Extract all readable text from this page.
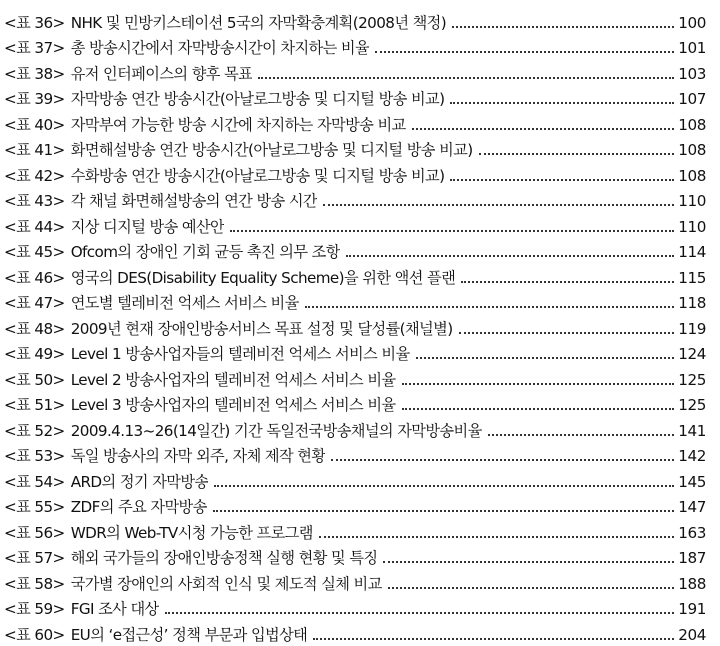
<표 36> NHK 및 민방키스테이션 5국의 자막확충계획(2008년 책정)	100
<표 37> 총 방송시간에서 자막방송시간이 차지하는 비율	101
<표 38> 유저 인터페이스의 향후 목표	103
<표 39> 자막방송 연간 방송시간(아날로그방송 및 디지털 방송 비교)	107
<표 40> 자막부여 가능한 방송 시간에 차지하는 자막방송 비교	108
<표 41> 화면해설방송 연간 방송시간(아날로그방송 및 디지털 방송 비교)	108
<표 42> 수화방송 연간 방송시간(아날로그방송 및 디지털 방송 비교)	108
<표 43> 각 채널 화면해설방송의 연간 방송 시간	110
<표 44> 지상 디지털 방송 예산안	110
<표 45> Ofcom의 장애인 기회 균등 촉진 의무 조항	114
<표 46> 영국의 DES(Disability Equality Scheme)을 위한 액션 플랜	115
<표 47> 연도별 텔레비전 억세스 서비스 비율	118
<표 48> 2009년 현재 장애인방송서비스 목표 설정 및 달성률(채널별)	119
<표 49> Level 1 방송사업자들의 텔레비전 억세스 서비스 비율	124
<표 50> Level 2 방송사업자의 텔레비전 억세스 서비스 비율	125
<표 51> Level 3 방송사업자의 텔레비전 억세스 서비스 비율	125
<표 52> 2009.4.13~26(14일간) 기간 독일전국방송채널의 자막방송비율	141
<표 53> 독일 방송사의 자막 외주, 자체 제작 현황	142
<표 54> ARD의 정기 자막방송	145
<표 55> ZDF의 주요 자막방송	147
<표 56> WDR의 Web-TV시청 가능한 프로그램	163
<표 57> 해외 국가들의 장애인방송정책 실행 현황 및 특징	187
<표 58> 국가별 장애인의 사회적 인식 및 제도적 실체 비교	188
<표 59> FGI 조사 대상	191
<표 60> EU의 ‘e접근성’ 정책 부문과 입법상태	204
